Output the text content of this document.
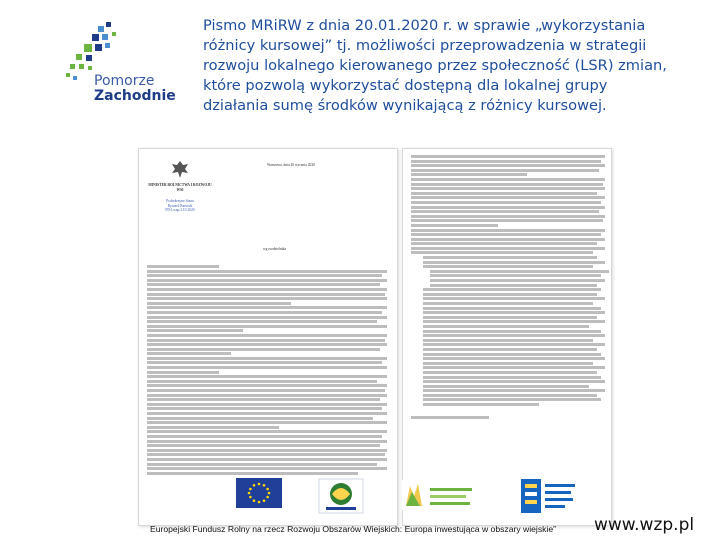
Pomorze
Zachodnie

Pismo MRiRW z dnia 20.01.2020 r. w sprawie „wykorzystania różnicy kursowej” tj. możliwości przeprowadzenia w strategii rozwoju lokalnego kierowanego przez społeczność (LSR) zmian, które pozwolą wykorzystać dostępną dla lokalnej grupy działania sumę środków wynikającą z różnicy kursowej.

Warszawa, dnia 20 stycznia 2020
MINISTER ROLNICTWA I ROZWOJU WSI
Podsekretarz Stanu
Ryszard Bartosik
FD-I.wap.2.10.2020
wg rozdzielnika
Europejski Fundusz Rolny na rzecz Rozwoju Obszarów Wiejskich: Europa inwestująca w obszary wiejskie” www.wzp.pl
